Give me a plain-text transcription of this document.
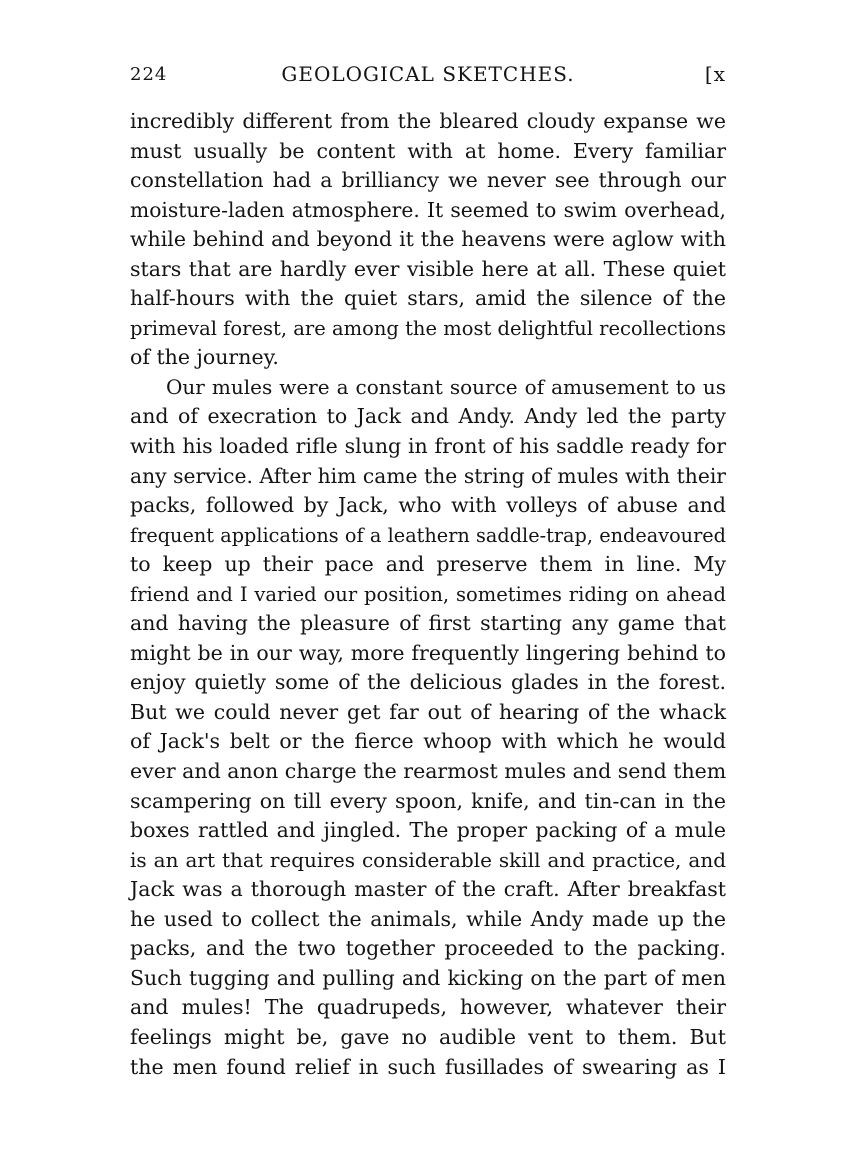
224	GEOLOGICAL SKETCHES.	[x
incredibly different from the bleared cloudy expanse we
must usually be content with at home. Every familiar
constellation had a brilliancy we never see through our
moisture-laden atmosphere. It seemed to swim overhead,
while behind and beyond it the heavens were aglow with
stars that are hardly ever visible here at all. These quiet
half-hours with the quiet stars, amid the silence of the
primeval forest, are among the most delightful recollections
of the journey.
Our mules were a constant source of amusement to us
and of execration to Jack and Andy. Andy led the party
with his loaded rifle slung in front of his saddle ready for
any service. After him came the string of mules with their
packs, followed by Jack, who with volleys of abuse and
frequent applications of a leathern saddle-trap, endeavoured
to keep up their pace and preserve them in line. My
friend and I varied our position, sometimes riding on ahead
and having the pleasure of first starting any game that
might be in our way, more frequently lingering behind to
enjoy quietly some of the delicious glades in the forest.
But we could never get far out of hearing of the whack
of Jack's belt or the fierce whoop with which he would
ever and anon charge the rearmost mules and send them
scampering on till every spoon, knife, and tin-can in the
boxes rattled and jingled. The proper packing of a mule
is an art that requires considerable skill and practice, and
Jack was a thorough master of the craft. After breakfast
he used to collect the animals, while Andy made up the
packs, and the two together proceeded to the packing.
Such tugging and pulling and kicking on the part of men
and mules! The quadrupeds, however, whatever their
feelings might be, gave no audible vent to them. But
the men found relief in such fusillades of swearing as I
